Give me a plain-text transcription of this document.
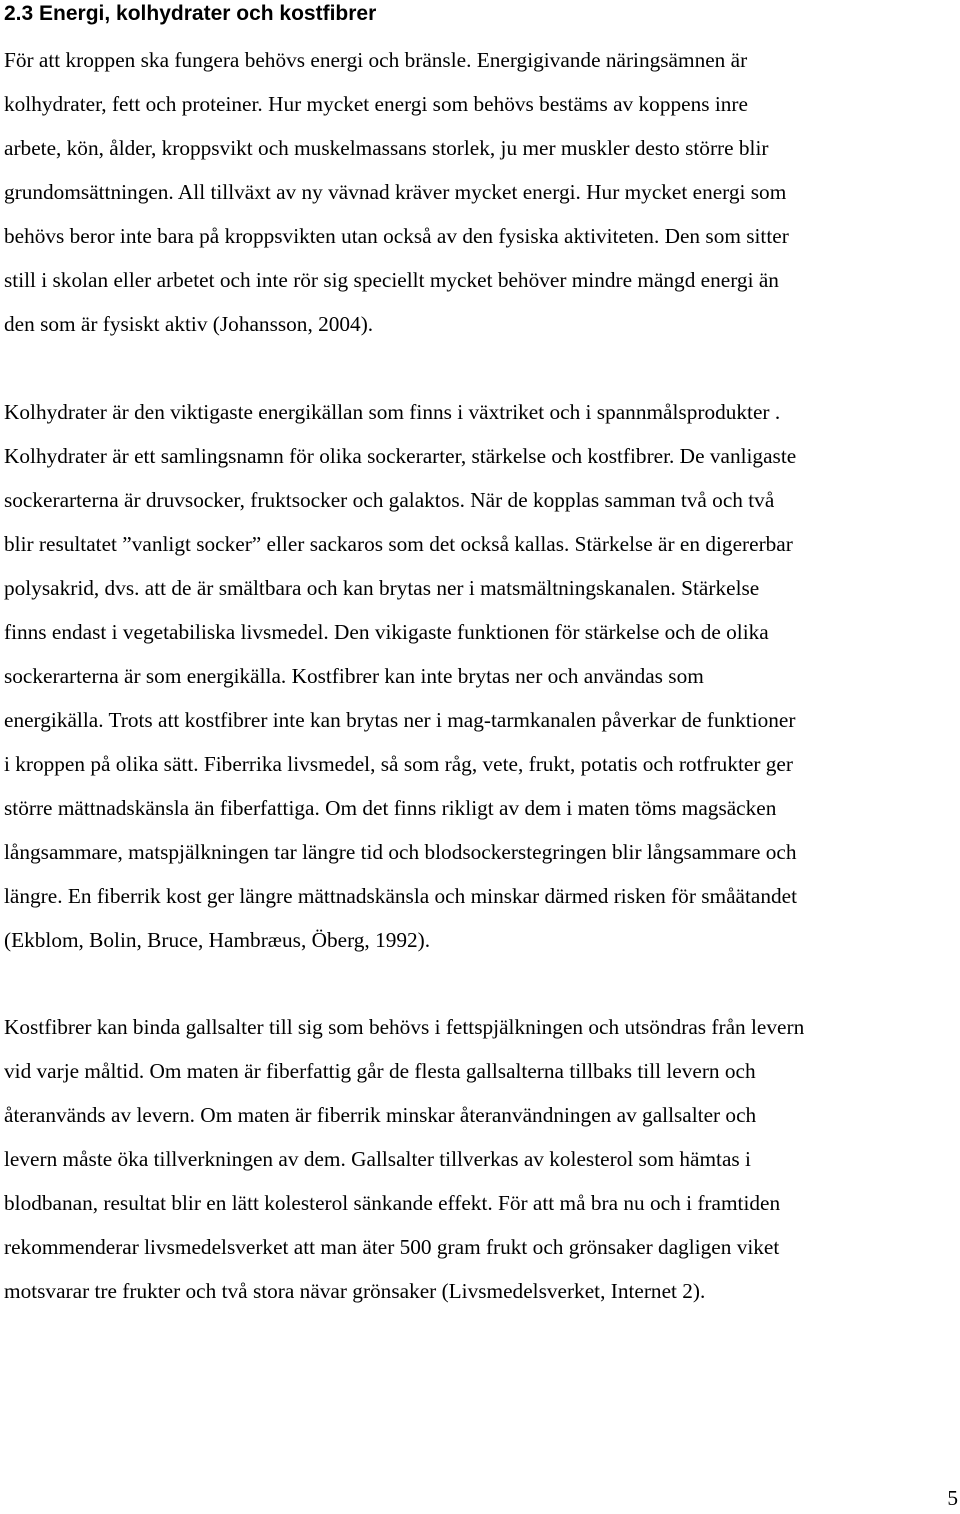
2.3 Energi, kolhydrater och kostfibrer

För att kroppen ska fungera behövs energi och bränsle. Energigivande näringsämnen är
kolhydrater, fett och proteiner. Hur mycket energi som behövs bestäms av koppens inre
arbete, kön, ålder, kroppsvikt och muskelmassans storlek, ju mer muskler desto större blir
grundomsättningen. All tillväxt av ny vävnad kräver mycket energi. Hur mycket energi som
behövs beror inte bara på kroppsvikten utan också av den fysiska aktiviteten. Den som sitter
still i skolan eller arbetet och inte rör sig speciellt mycket behöver mindre mängd energi än
den som är fysiskt aktiv (Johansson, 2004).

Kolhydrater är den viktigaste energikällan som finns i växtriket och i spannmålsprodukter .
Kolhydrater är ett samlingsnamn för olika sockerarter, stärkelse och kostfibrer. De vanligaste
sockerarterna är druvsocker, fruktsocker och galaktos. När de kopplas samman två och två
blir resultatet ”vanligt socker” eller sackaros som det också kallas. Stärkelse är en digererbar
polysakrid, dvs. att de är smältbara och kan brytas ner i matsmältningskanalen. Stärkelse
finns endast i vegetabiliska livsmedel. Den vikigaste funktionen för stärkelse och de olika
sockerarterna är som energikälla. Kostfibrer kan inte brytas ner och användas som
energikälla. Trots att kostfibrer inte kan brytas ner i mag-tarmkanalen påverkar de funktioner
i kroppen på olika sätt. Fiberrika livsmedel, så som råg, vete, frukt, potatis och rotfrukter ger
större mättnadskänsla än fiberfattiga. Om det finns rikligt av dem i maten töms magsäcken
långsammare, matspjälkningen tar längre tid och blodsockerstegringen blir långsammare och
längre. En fiberrik kost ger längre mättnadskänsla och minskar därmed risken för småätandet
(Ekblom, Bolin, Bruce, Hambræus, Öberg, 1992).

Kostfibrer kan binda gallsalter till sig som behövs i fettspjälkningen och utsöndras från levern
vid varje måltid. Om maten är fiberfattig går de flesta gallsalterna tillbaks till levern och
återanvänds av levern. Om maten är fiberrik minskar återanvändningen av gallsalter och
levern måste öka tillverkningen av dem. Gallsalter tillverkas av kolesterol som hämtas i
blodbanan, resultat blir en lätt kolesterol sänkande effekt. För att må bra nu och i framtiden
rekommenderar livsmedelsverket att man äter 500 gram frukt och grönsaker dagligen viket
motsvarar tre frukter och två stora nävar grönsaker (Livsmedelsverket, Internet 2).

5
